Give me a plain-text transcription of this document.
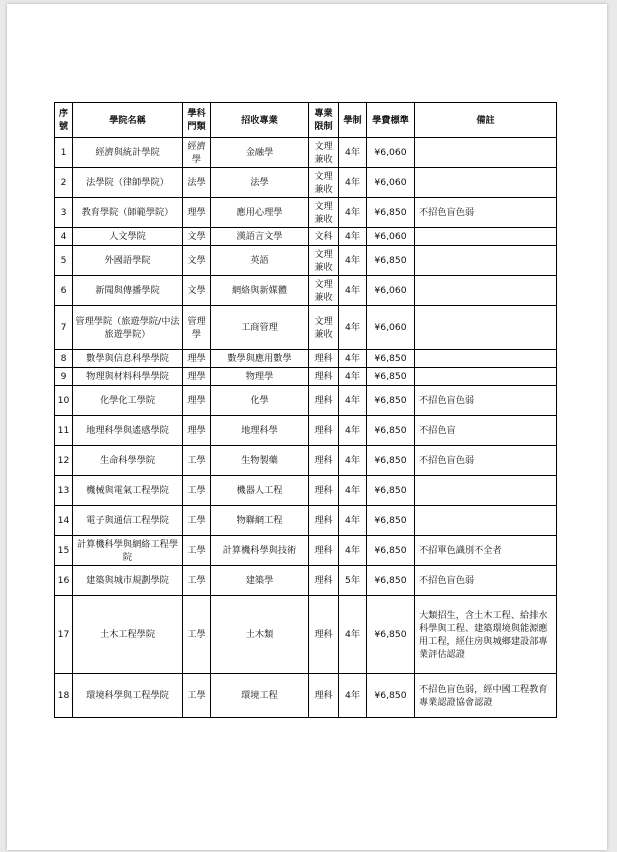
序號	學院名稱	學科門類	招收專業	專業限制	學制	學費標準	備註
1	經濟與統計學院	經濟學	金融學	文理兼收	4年	¥6,060	
2	法學院（律師學院）	法學	法學	文理兼收	4年	¥6,060	
3	教育學院（師範學院）	理學	應用心理學	文理兼收	4年	¥6,850	不招色盲色弱
4	人文學院	文學	漢語言文學	文科	4年	¥6,060	
5	外國語學院	文學	英語	文理兼收	4年	¥6,850	
6	新聞與傳播學院	文學	網絡與新媒體	文理兼收	4年	¥6,060	
7	管理學院（旅遊學院/中法旅遊學院）	管理學	工商管理	文理兼收	4年	¥6,060	
8	數學與信息科學學院	理學	數學與應用數學	理科	4年	¥6,850	
9	物理與材料科學學院	理學	物理學	理科	4年	¥6,850	
10	化學化工學院	理學	化學	理科	4年	¥6,850	不招色盲色弱
11	地理科學與遙感學院	理學	地理科學	理科	4年	¥6,850	不招色盲
12	生命科學學院	工學	生物製藥	理科	4年	¥6,850	不招色盲色弱
13	機械與電氣工程學院	工學	機器人工程	理科	4年	¥6,850	
14	電子與通信工程學院	工學	物聯網工程	理科	4年	¥6,850	
15	計算機科學與網絡工程學院	工學	計算機科學與技術	理科	4年	¥6,850	不招單色識別不全者
16	建築與城市規劃學院	工學	建築學	理科	5年	¥6,850	不招色盲色弱
17	土木工程學院	工學	土木類	理科	4年	¥6,850	大類招生，含土木工程、給排水科學與工程、建築環境與能源應用工程，經住房與城鄉建設部專業評估認證
18	環境科學與工程學院	工學	環境工程	理科	4年	¥6,850	不招色盲色弱，經中國工程教育專業認證協會認證
